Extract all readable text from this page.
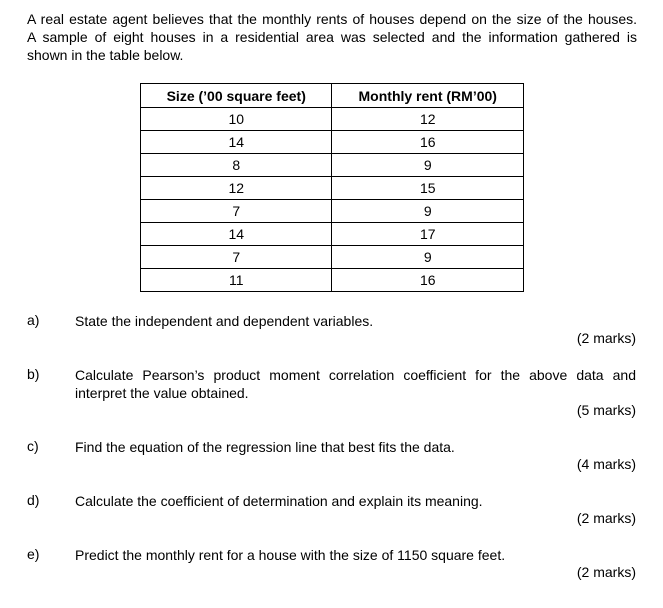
A real estate agent believes that the monthly rents of houses depend on the size of the houses.
A sample of eight houses in a residential area was selected and the information gathered is
shown in the table below.
Size (’00 square feet)	Monthly rent (RM’00)
10	12
14	16
8	9
12	15
7	9
14	17
7	9
11	16
a)	State the independent and dependent variables.
(2 marks)
b)	Calculate Pearson’s product moment correlation coefficient for the above data and
interpret the value obtained.
(5 marks)
c)	Find the equation of the regression line that best fits the data.
(4 marks)
d)	Calculate the coefficient of determination and explain its meaning.
(2 marks)
e)	Predict the monthly rent for a house with the size of 1150 square feet.
(2 marks)
